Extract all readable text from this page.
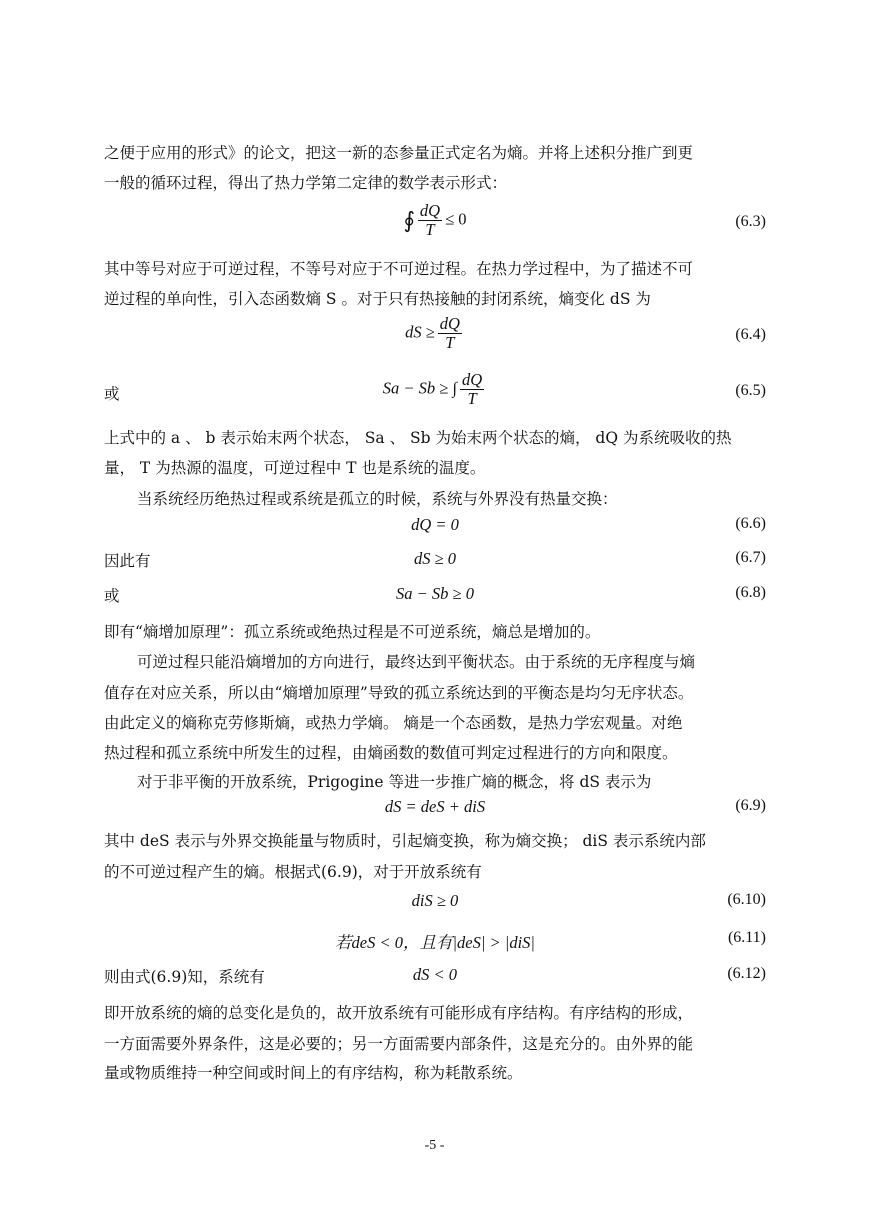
之便于应用的形式》的论文，把这一新的态参量正式定名为熵。并将上述积分推广到更
一般的循环过程，得出了热力学第二定律的数学表示形式：
∮ $\frac{dQ}{T} \le 0$	(6.3)
其中等号对应于可逆过程，不等号对应于不可逆过程。在热力学过程中，为了描述不可
逆过程的单向性，引入态函数熵 S 。对于只有热接触的封闭系统，熵变化 dS 为
dS ≥ $\frac{dQ}{T}$	(6.4)
或	Sa − Sb ≥ ∫ $\frac{dQ}{T}$	(6.5)
上式中的 a 、 b 表示始末两个状态， Sa 、 Sb 为始末两个状态的熵， dQ 为系统吸收的热
量， T 为热源的温度，可逆过程中 T 也是系统的温度。
当系统经历绝热过程或系统是孤立的时候，系统与外界没有热量交换：
dQ = 0	(6.6)
因此有	dS ≥ 0	(6.7)
或	Sa − Sb ≥ 0	(6.8)
即有“熵增加原理”：孤立系统或绝热过程是不可逆系统，熵总是增加的。
可逆过程只能沿熵增加的方向进行，最终达到平衡状态。由于系统的无序程度与熵
值存在对应关系，所以由“熵增加原理”导致的孤立系统达到的平衡态是均匀无序状态。
由此定义的熵称克劳修斯熵，或热力学熵。 熵是一个态函数，是热力学宏观量。对绝
热过程和孤立系统中所发生的过程，由熵函数的数值可判定过程进行的方向和限度。
对于非平衡的开放系统，Prigogine 等进一步推广熵的概念，将 dS 表示为
dS = deS + diS	(6.9)
其中 deS 表示与外界交换能量与物质时，引起熵变换，称为熵交换； diS 表示系统内部
的不可逆过程产生的熵。根据式(6.9)，对于开放系统有
diS ≥ 0	(6.10)
若deS < 0，且有|deS| > |diS|	(6.11)
则由式(6.9)知，系统有	dS < 0	(6.12)
即开放系统的熵的总变化是负的，故开放系统有可能形成有序结构。有序结构的形成，
一方面需要外界条件，这是必要的；另一方面需要内部条件，这是充分的。由外界的能
量或物质维持一种空间或时间上的有序结构，称为耗散系统。
-5 -
